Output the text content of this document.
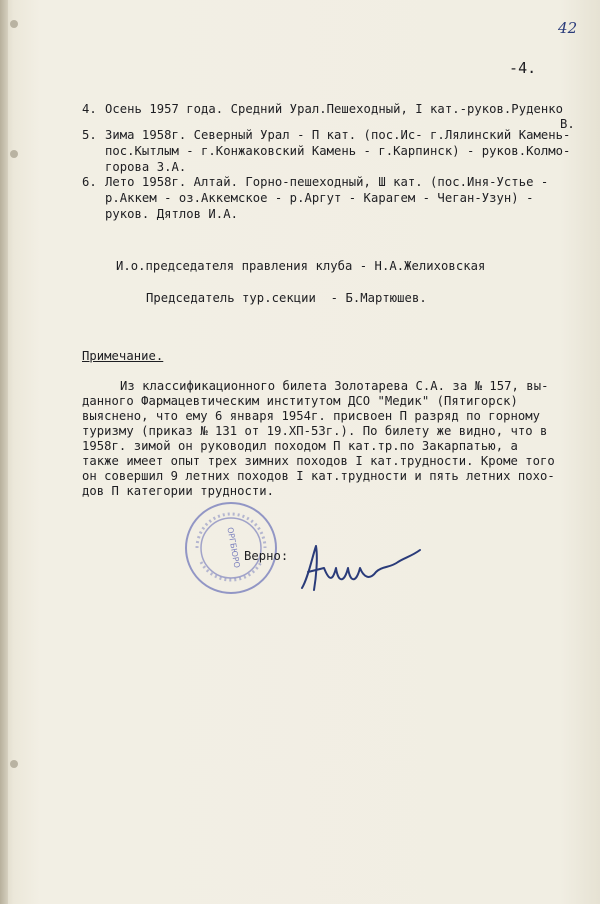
42
-4.
4. Осень 1957 года. Средний Урал.Пешеходный, I кат.-руков.Руденко
В.
5. Зима 1958г. Северный Урал - П кат. (пос.Ис- г.Лялинский Камень-
пос.Кытлым - г.Конжаковский Камень - г.Карпинск) - руков.Колмо-
горова З.А.
6. Лето 1958г. Алтай. Горно-пешеходный, Ш кат. (пос.Иня-Устье -
р.Аккем - оз.Аккемское - р.Аргут - Карагем - Чеган-Узун) -
руков. Дятлов И.А.
И.о.председателя правления клуба - Н.А.Желиховская
Председатель тур.секции  - Б.Мартюшев.
Примечание.
Из классификационного билета Золотарева С.А. за № 157, вы-
данного Фармацевтическим институтом ДСО "Медик" (Пятигорск)
выяснено, что ему 6 января 1954г. присвоен П разряд по горному
туризму (приказ № 131 от 19.ХП-53г.). По билету же видно, что в
1958г. зимой он руководил походом П кат.тр.по Закарпатью, а
также имеет опыт трех зимних походов I кат.трудности. Кроме того
он совершил 9 летних походов I кат.трудности и пять летних похо-
дов П категории трудности.
ОРГБЮРО Верно:
